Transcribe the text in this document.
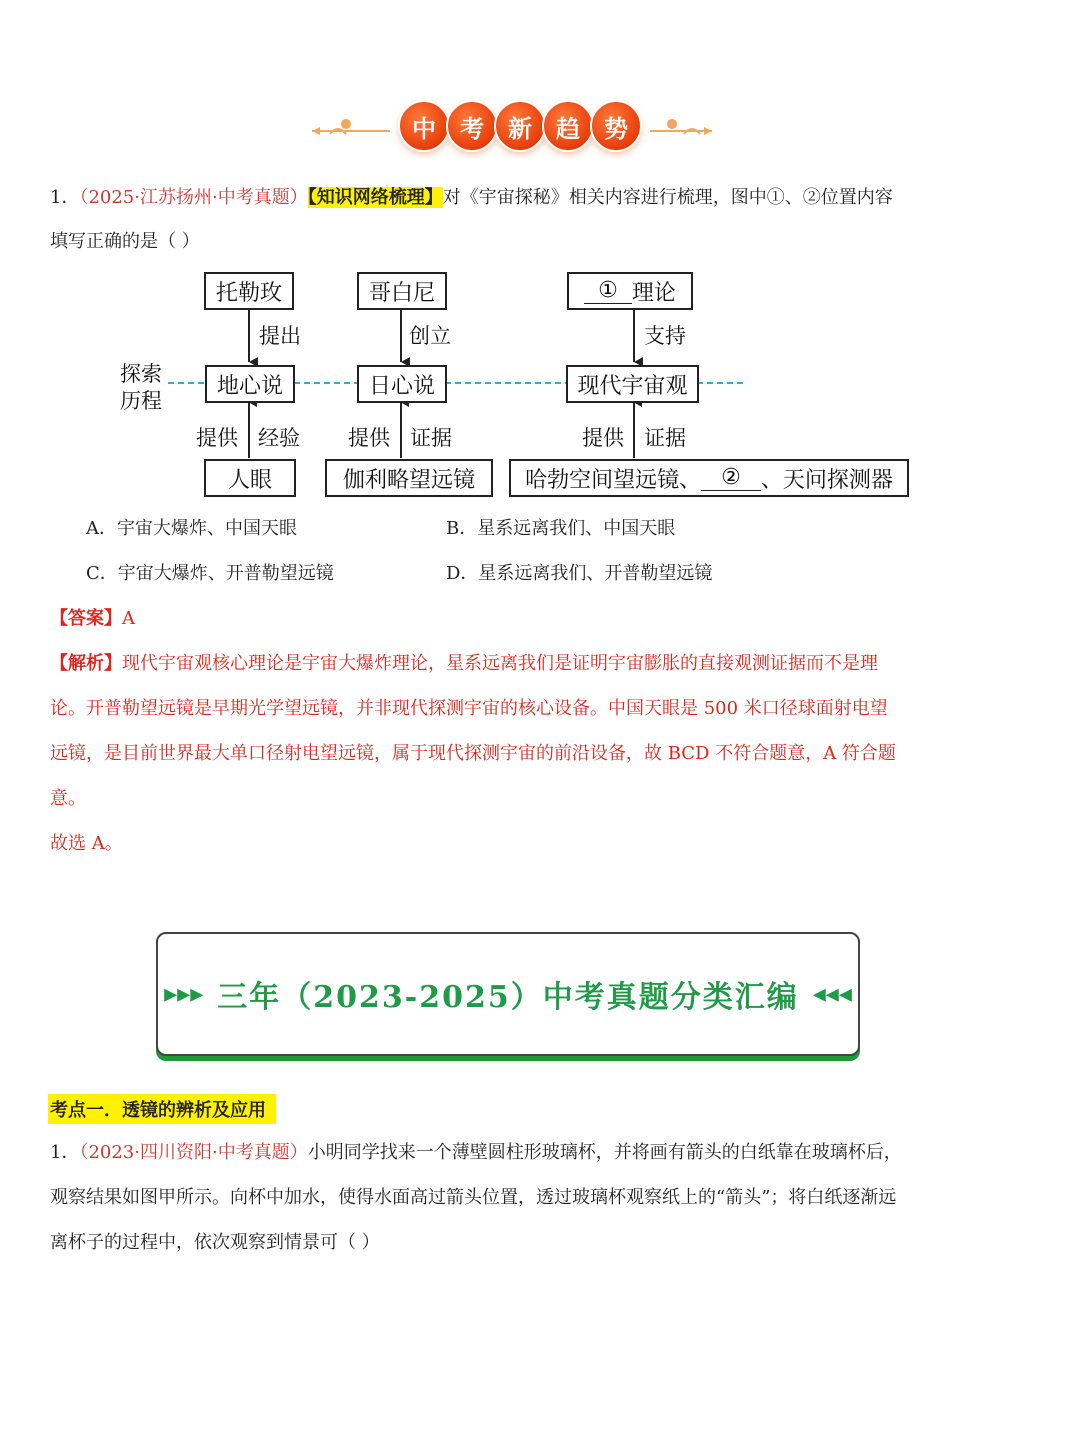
中	考	新	趋	势
1．（2025·江苏扬州·中考真题）【知识网络梳理】对《宇宙探秘》相关内容进行梳理，图中①、②位置内容
填写正确的是（ ）
探索
历程
托勒玫
提出
地心说
提供 经验
人眼
哥白尼
创立
日心说
提供 证据
伽利略望远镜
① 理论
支持
现代宇宙观
提供 证据
哈勃空间望远镜、 ② 、天问探测器
A．宇宙大爆炸、中国天眼	B．星系远离我们、中国天眼
C．宇宙大爆炸、开普勒望远镜	D．星系远离我们、开普勒望远镜
【答案】A
【解析】现代宇宙观核心理论是宇宙大爆炸理论，星系远离我们是证明宇宙膨胀的直接观测证据而不是理
论。开普勒望远镜是早期光学望远镜，并非现代探测宇宙的核心设备。中国天眼是 500 米口径球面射电望
远镜，是目前世界最大单口径射电望远镜，属于现代探测宇宙的前沿设备，故 BCD 不符合题意，A 符合题
意。
故选 A。
▸▸▸ 三年（2023-2025）中考真题分类汇编 ◂◂◂
考点一．透镜的辨析及应用
1．（2023·四川资阳·中考真题）小明同学找来一个薄壁圆柱形玻璃杯，并将画有箭头的白纸靠在玻璃杯后，
观察结果如图甲所示。向杯中加水，使得水面高过箭头位置，透过玻璃杯观察纸上的“箭头”；将白纸逐渐远
离杯子的过程中，依次观察到情景可（ ）
